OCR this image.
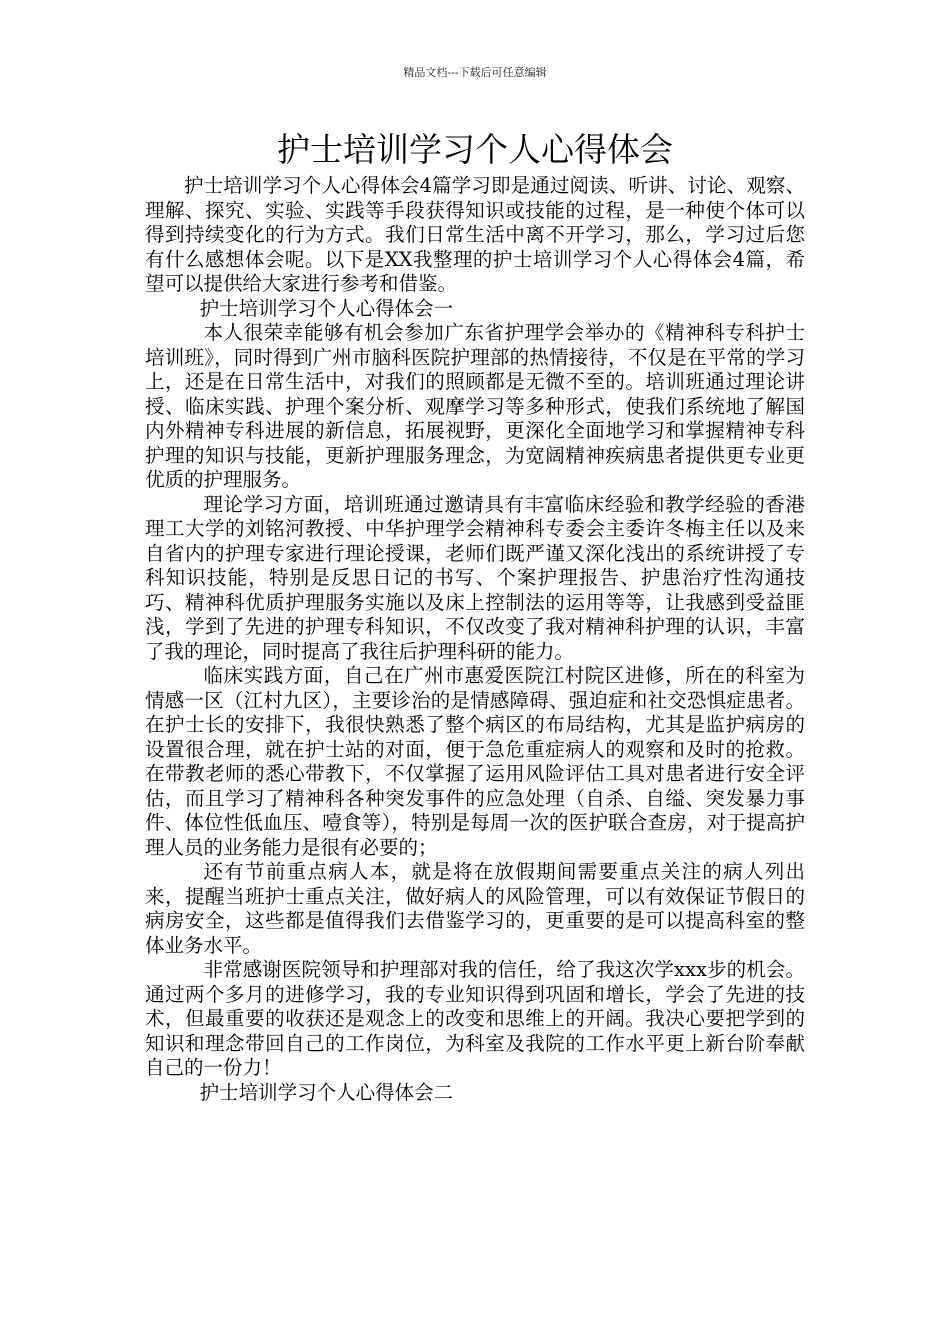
精品文档---下载后可任意编辑
护士培训学习个人心得体会

护士培训学习个人心得体会4篇学习即是通过阅读、听讲、讨论、观察、理解、探究、实验、实践等手段获得知识或技能的过程，是一种使个体可以得到持续变化的行为方式。我们日常生活中离不开学习，那么，学习过后您有什么感想体会呢。以下是XX我整理的护士培训学习个人心得体会4篇，希望可以提供给大家进行参考和借鉴。

护士培训学习个人心得体会一

本人很荣幸能够有机会参加广东省护理学会举办的《精神科专科护士培训班》，同时得到广州市脑科医院护理部的热情接待，不仅是在平常的学习上，还是在日常生活中，对我们的照顾都是无微不至的。培训班通过理论讲授、临床实践、护理个案分析、观摩学习等多种形式，使我们系统地了解国内外精神专科进展的新信息，拓展视野，更深化全面地学习和掌握精神专科护理的知识与技能，更新护理服务理念，为宽阔精神疾病患者提供更专业更优质的护理服务。

理论学习方面，培训班通过邀请具有丰富临床经验和教学经验的香港理工大学的刘铭河教授、中华护理学会精神科专委会主委许冬梅主任以及来自省内的护理专家进行理论授课，老师们既严谨又深化浅出的系统讲授了专科知识技能，特别是反思日记的书写、个案护理报告、护患治疗性沟通技巧、精神科优质护理服务实施以及床上控制法的运用等等，让我感到受益匪浅，学到了先进的护理专科知识，不仅改变了我对精神科护理的认识，丰富了我的理论，同时提高了我往后护理科研的能力。

临床实践方面，自己在广州市惠爱医院江村院区进修，所在的科室为情感一区（江村九区），主要诊治的是情感障碍、强迫症和社交恐惧症患者。在护士长的安排下，我很快熟悉了整个病区的布局结构，尤其是监护病房的设置很合理，就在护士站的对面，便于急危重症病人的观察和及时的抢救。在带教老师的悉心带教下，不仅掌握了运用风险评估工具对患者进行安全评估，而且学习了精神科各种突发事件的应急处理（自杀、自缢、突发暴力事件、体位性低血压、噎食等），特别是每周一次的医护联合查房，对于提高护理人员的业务能力是很有必要的；

还有节前重点病人本，就是将在放假期间需要重点关注的病人列出来，提醒当班护士重点关注，做好病人的风险管理，可以有效保证节假日的病房安全，这些都是值得我们去借鉴学习的，更重要的是可以提高科室的整体业务水平。

非常感谢医院领导和护理部对我的信任，给了我这次学xxx步的机会。通过两个多月的进修学习，我的专业知识得到巩固和增长，学会了先进的技术，但最重要的收获还是观念上的改变和思维上的开阔。我决心要把学到的知识和理念带回自己的工作岗位，为科室及我院的工作水平更上新台阶奉献自己的一份力！

护士培训学习个人心得体会二
